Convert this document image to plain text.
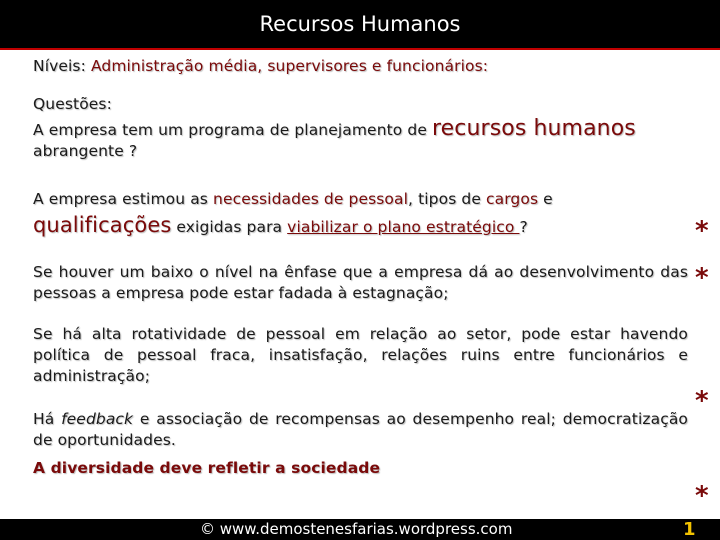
Recursos Humanos
Níveis: Administração média, supervisores e funcionários:
Questões:
A empresa tem um programa de planejamento de recursos humanos
abrangente ?
A empresa estimou as necessidades de pessoal, tipos de cargos e
qualificações exigidas para viabilizar o plano estratégico ?
Se houver um baixo o nível na ênfase que a empresa dá ao desenvolvimento das pessoas a empresa pode estar fadada à estagnação;
Se há alta rotatividade de pessoal em relação ao setor, pode estar havendo política de pessoal fraca, insatisfação, relações ruins entre funcionários e administração;
Há feedback e associação de recompensas ao desempenho real; democratização de oportunidades.
A diversidade deve refletir a sociedade
*
*
*
*
© www.demostenesfarias.wordpress.com	1
